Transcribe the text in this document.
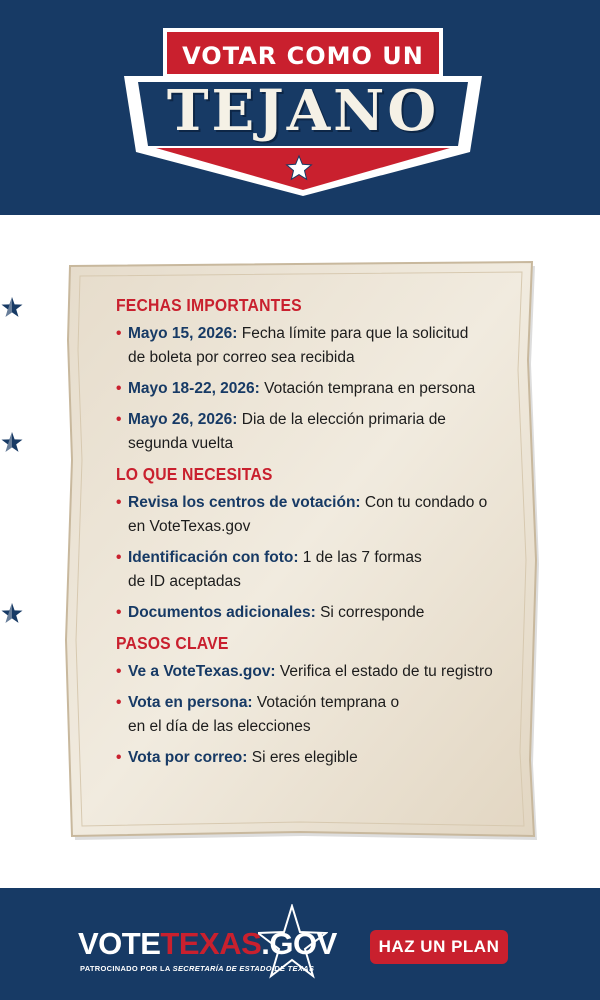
VOTAR COMO UN
TEJANO
FECHAS IMPORTANTES
• Mayo 15, 2026: Fecha límite para que la solicitud
de boleta por correo sea recibida
• Mayo 18-22, 2026: Votación temprana en persona
• Mayo 26, 2026: Dia de la elección primaria de
segunda vuelta
LO QUE NECESITAS
• Revisa los centros de votación: Con tu condado o
en VoteTexas.gov
• Identificación con foto: 1 de las 7 formas
de ID aceptadas
• Documentos adicionales: Si corresponde
PASOS CLAVE
• Ve a VoteTexas.gov: Verifica el estado de tu registro
• Vota en persona: Votación temprana o
en el día de las elecciones
• Vota por correo: Si eres elegible
VOTETEXAS.GOV
PATROCINADO POR LA SECRETARÍA DE ESTADO DE TEXAS
HAZ UN PLAN
